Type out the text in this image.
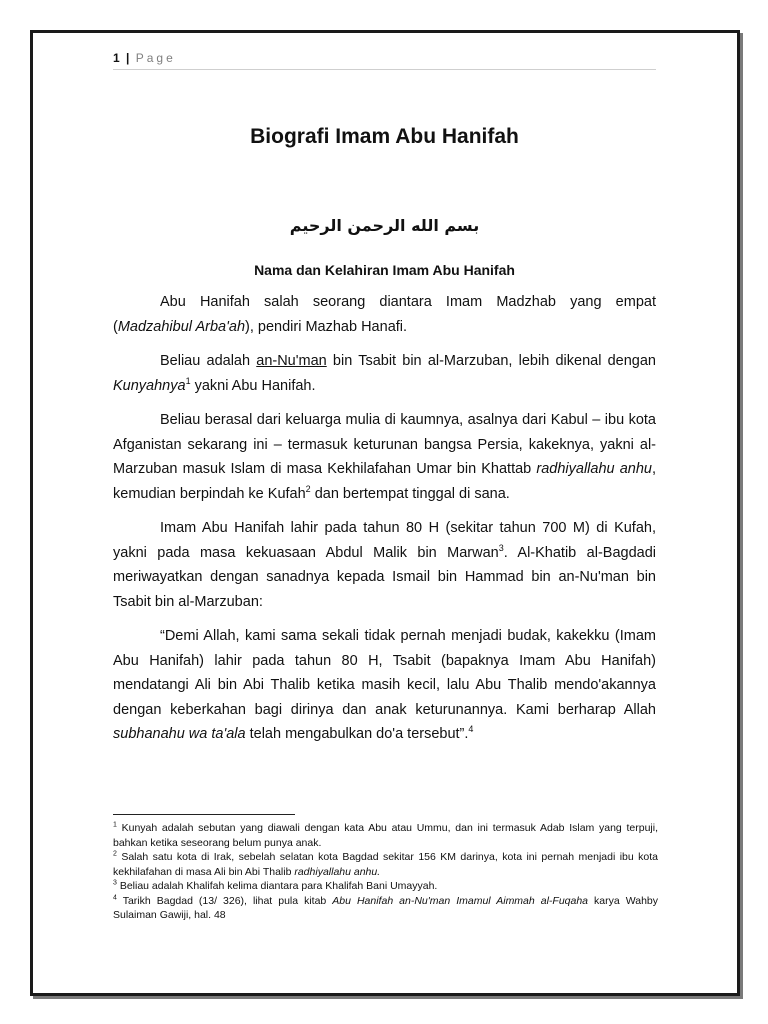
1 | Page
Biografi Imam Abu Hanifah
بسم الله الرحمن الرحيم
Nama dan Kelahiran Imam Abu Hanifah

Abu Hanifah salah seorang diantara Imam Madzhab yang empat (Madzahibul Arba'ah), pendiri Mazhab Hanafi.

Beliau adalah an-Nu'man bin Tsabit bin al-Marzuban, lebih dikenal dengan Kunyahnya$^1$ yakni Abu Hanifah.

Beliau berasal dari keluarga mulia di kaumnya, asalnya dari Kabul – ibu kota Afganistan sekarang ini – termasuk keturunan bangsa Persia, kakeknya, yakni al-Marzuban masuk Islam di masa Kekhilafahan Umar bin Khattab radhiyallahu anhu, kemudian berpindah ke Kufah$^2$ dan bertempat tinggal di sana.

Imam Abu Hanifah lahir pada tahun 80 H (sekitar tahun 700 M) di Kufah, yakni pada masa kekuasaan Abdul Malik bin Marwan$^3$. Al-Khatib al-Bagdadi meriwayatkan dengan sanadnya kepada Ismail bin Hammad bin an-Nu'man bin Tsabit bin al-Marzuban:

“Demi Allah, kami sama sekali tidak pernah menjadi budak, kakekku (Imam Abu Hanifah) lahir pada tahun 80 H, Tsabit (bapaknya Imam Abu Hanifah) mendatangi Ali bin Abi Thalib ketika masih kecil, lalu Abu Thalib mendo'akannya dengan keberkahan bagi dirinya dan anak keturunannya. Kami berharap Allah subhanahu wa ta'ala telah mengabulkan do'a tersebut”.$^4$

$^1$ Kunyah adalah sebutan yang diawali dengan kata Abu atau Ummu, dan ini termasuk Adab Islam yang terpuji, bahkan ketika seseorang belum punya anak.

$^2$ Salah satu kota di Irak, sebelah selatan kota Bagdad sekitar 156 KM darinya, kota ini pernah menjadi ibu kota kekhilafahan di masa Ali bin Abi Thalib radhiyallahu anhu.

$^3$ Beliau adalah Khalifah kelima diantara para Khalifah Bani Umayyah.

$^4$ Tarikh Bagdad (13/ 326), lihat pula kitab Abu Hanifah an-Nu'man Imamul Aimmah al-Fuqaha karya Wahby Sulaiman Gawiji, hal. 48
